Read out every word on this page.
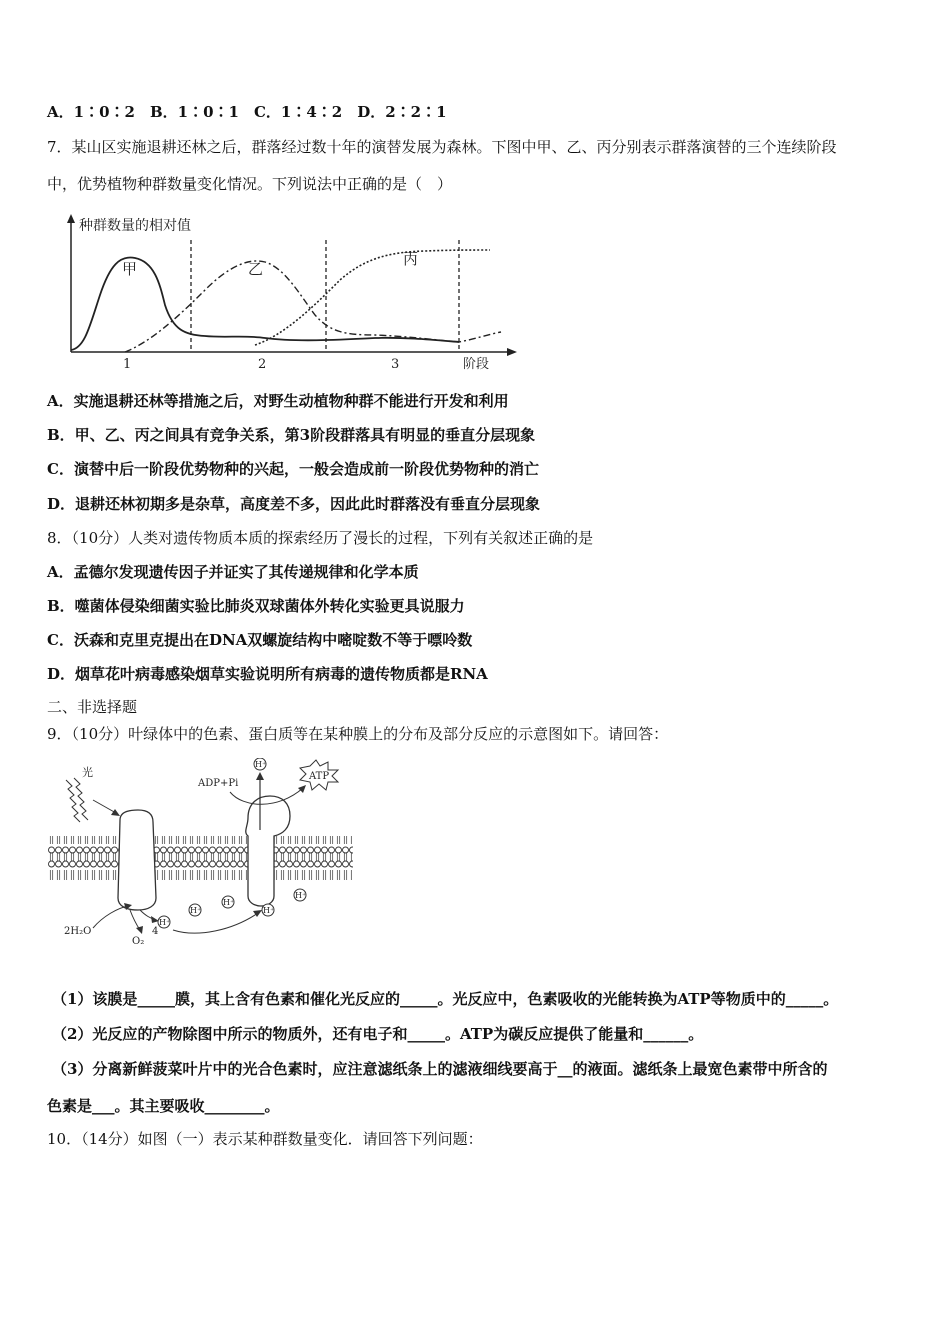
A．1∶0∶2　B．1∶0∶1　C．1∶4∶2　D．2∶2∶1
7．某山区实施退耕还林之后，群落经过数十年的演替发展为森林。下图中甲、乙、丙分别表示群落演替的三个连续阶段
中，优势植物种群数量变化情况。下列说法中正确的是（　）
种群数量的相对值
阶段
1	2	3
甲	乙
丙
A．实施退耕还林等措施之后，对野生动植物种群不能进行开发和利用
B．甲、乙、丙之间具有竞争关系，第3阶段群落具有明显的垂直分层现象
C．演替中后一阶段优势物种的兴起，一般会造成前一阶段优势物种的消亡
D．退耕还林初期多是杂草，高度差不多，因此此时群落没有垂直分层现象
8．（10分）人类对遗传物质本质的探索经历了漫长的过程，下列有关叙述正确的是
A．孟德尔发现遗传因子并证实了其传递规律和化学本质
B．噬菌体侵染细菌实验比肺炎双球菌体外转化实验更具说服力
C．沃森和克里克提出在DNA双螺旋结构中嘧啶数不等于嘌呤数
D．烟草花叶病毒感染烟草实验说明所有病毒的遗传物质都是RNA
二、非选择题
9．（10分）叶绿体中的色素、蛋白质等在某种膜上的分布及部分反应的示意图如下。请回答：
光
ADP+Pi
ATP
H⁺
H⁺
H⁺
H⁺
H⁺
H⁺
2H₂O
O₂
4
（1）该膜是_____膜，其上含有色素和催化光反应的_____。光反应中，色素吸收的光能转换为ATP等物质中的_____。
（2）光反应的产物除图中所示的物质外，还有电子和_____。ATP为碳反应提供了能量和______。
（3）分离新鲜菠菜叶片中的光合色素时，应注意滤纸条上的滤液细线要高于__的液面。滤纸条上最宽色素带中所含的
色素是___。其主要吸收________。
10．（14分）如图（一）表示某种群数量变化．请回答下列问题：
